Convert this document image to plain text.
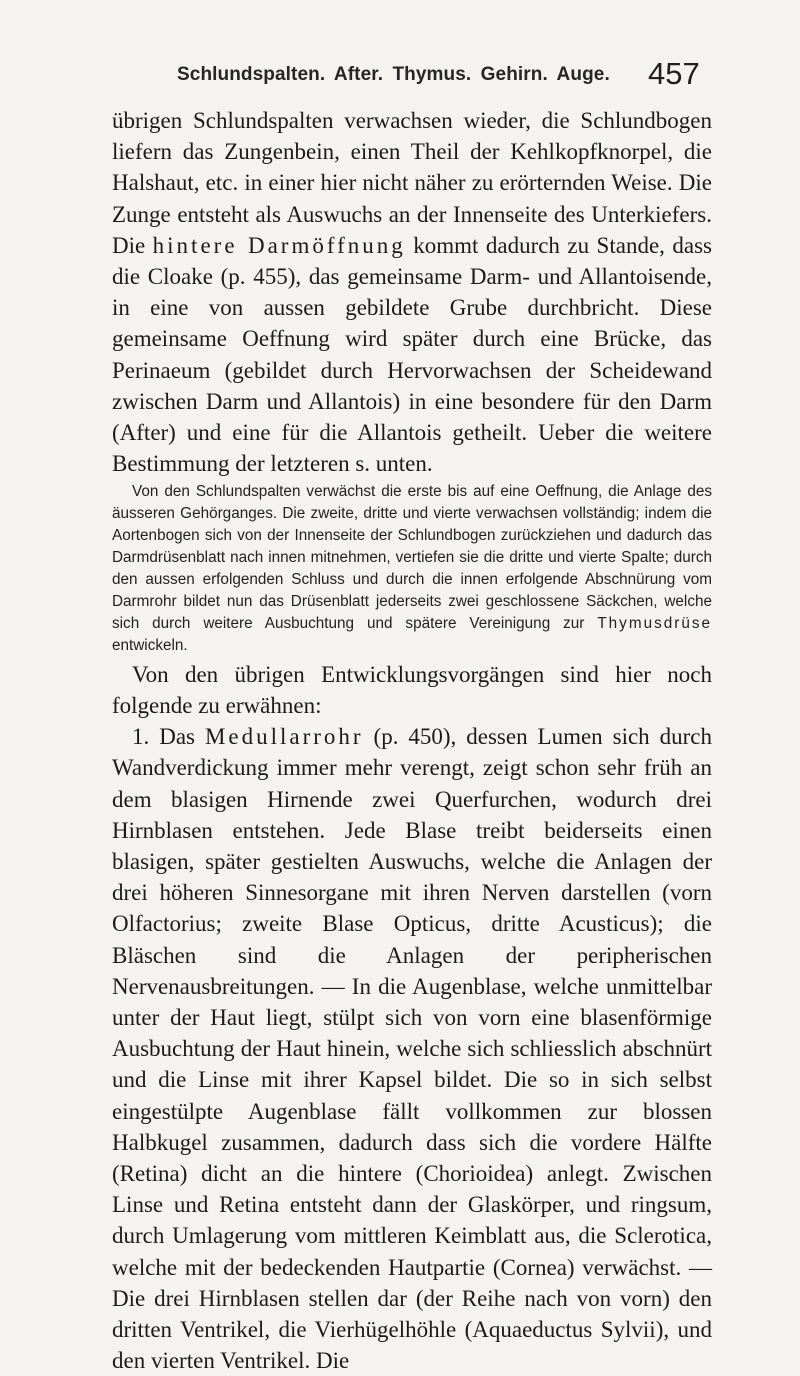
Schlundspalten. After. Thymus. Gehirn. Auge. 457

übrigen Schlundspalten verwachsen wieder, die Schlundbogen liefern das Zungenbein, einen Theil der Kehlkopfknorpel, die Halshaut, etc. in einer hier nicht näher zu erörternden Weise. Die Zunge entsteht als Auswuchs an der Innenseite des Unterkiefers. Die hintere Darmöffnung kommt dadurch zu Stande, dass die Cloake (p. 455), das gemeinsame Darm- und Allantoisende, in eine von aussen gebildete Grube durchbricht. Diese gemeinsame Oeffnung wird später durch eine Brücke, das Perinaeum (gebildet durch Hervorwachsen der Scheidewand zwischen Darm und Allantois) in eine besondere für den Darm (After) und eine für die Allantois getheilt. Ueber die weitere Bestimmung der letzteren s. unten.

Von den Schlundspalten verwächst die erste bis auf eine Oeffnung, die Anlage des äusseren Gehörganges. Die zweite, dritte und vierte verwachsen vollständig; indem die Aortenbogen sich von der Innenseite der Schlundbogen zurückziehen und dadurch das Darmdrüsenblatt nach innen mitnehmen, vertiefen sie die dritte und vierte Spalte; durch den aussen erfolgenden Schluss und durch die innen erfolgende Abschnürung vom Darmrohr bildet nun das Drüsenblatt jederseits zwei geschlossene Säckchen, welche sich durch weitere Ausbuchtung und spätere Vereinigung zur Thymusdrüse entwickeln.

Von den übrigen Entwicklungsvorgängen sind hier noch folgende zu erwähnen:

1. Das Medullarrohr (p. 450), dessen Lumen sich durch Wandverdickung immer mehr verengt, zeigt schon sehr früh an dem blasigen Hirnende zwei Querfurchen, wodurch drei Hirnblasen entstehen. Jede Blase treibt beiderseits einen blasigen, später gestielten Auswuchs, welche die Anlagen der drei höheren Sinnesorgane mit ihren Nerven darstellen (vorn Olfactorius; zweite Blase Opticus, dritte Acusticus); die Bläschen sind die Anlagen der peripherischen Nervenausbreitungen. — In die Augenblase, welche unmittelbar unter der Haut liegt, stülpt sich von vorn eine blasenförmige Ausbuchtung der Haut hinein, welche sich schliesslich abschnürt und die Linse mit ihrer Kapsel bildet. Die so in sich selbst eingestülpte Augenblase fällt vollkommen zur blossen Halbkugel zusammen, dadurch dass sich die vordere Hälfte (Retina) dicht an die hintere (Chorioidea) anlegt. Zwischen Linse und Retina entsteht dann der Glaskörper, und ringsum, durch Umlagerung vom mittleren Keimblatt aus, die Sclerotica, welche mit der bedeckenden Hautpartie (Cornea) verwächst. — Die drei Hirnblasen stellen dar (der Reihe nach von vorn) den dritten Ventrikel, die Vierhügelhöhle (Aquaeductus Sylvii), und den vierten Ventrikel. Die
